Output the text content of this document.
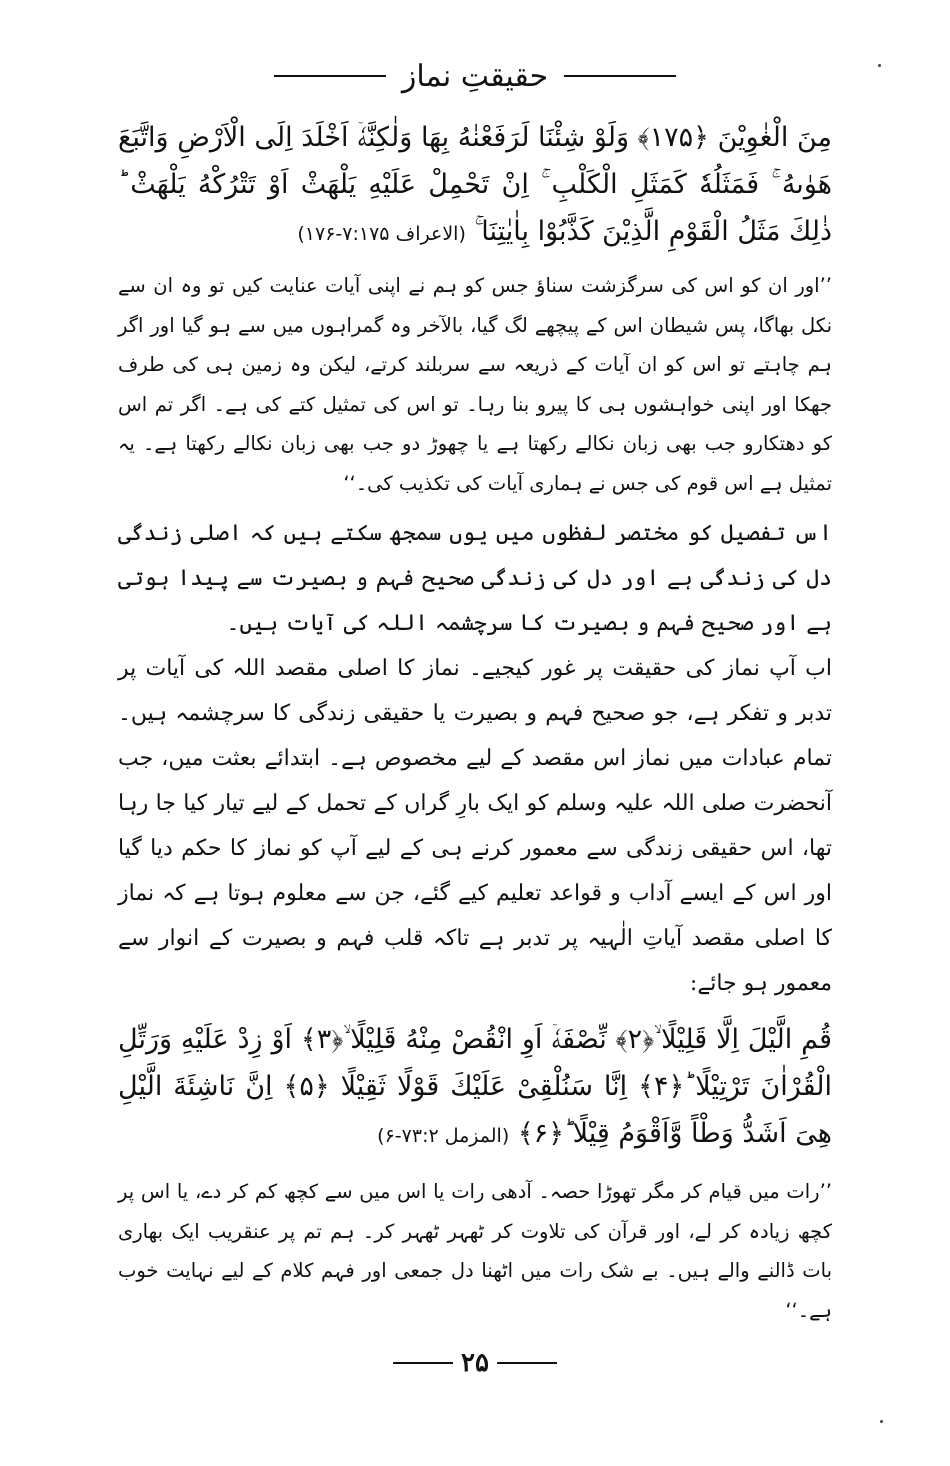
حقیقتِ نماز

مِنَ الْغٰوِیْنَ ﴿۱۷۵﴾ وَلَوْ شِئْنَا لَرَفَعْنٰهُ بِهَا وَلٰكِنَّهٗۤ اَخْلَدَ اِلَى الْاَرْضِ وَاتَّبَعَ هَوٰىهُ ۚ فَمَثَلُهٗ كَمَثَلِ الْكَلْبِ ۚ اِنْ تَحْمِلْ عَلَیْهِ یَلْهَثْ اَوْ تَتْرُكْهُ یَلْهَثْ ؕ ذٰلِكَ مَثَلُ الْقَوْمِ الَّذِیْنَ كَذَّبُوْا بِاٰیٰتِنَا ۚ (الاعراف ۷:۱۷۵-۱۷۶)

’’اور ان کو اس کی سرگزشت سناؤ جس کو ہم نے اپنی آیات عنایت کیں تو وہ ان سے نکل بھاگا، پس شیطان اس کے پیچھے لگ گیا، بالآخر وہ گمراہوں میں سے ہو گیا اور اگر ہم چاہتے تو اس کو ان آیات کے ذریعہ سے سربلند کرتے، لیکن وہ زمین ہی کی طرف جھکا اور اپنی خواہشوں ہی کا پیرو بنا رہا۔ تو اس کی تمثیل کتے کی ہے۔ اگر تم اس کو دھتکارو جب بھی زبان نکالے رکھتا ہے یا چھوڑ دو جب بھی زبان نکالے رکھتا ہے۔ یہ تمثیل ہے اس قوم کی جس نے ہماری آیات کی تکذیب کی۔‘‘

اس تفصیل کو مختصر لفظوں میں یوں سمجھ سکتے ہیں کہ اصلی زندگی دل کی زندگی ہے اور دل کی زندگی صحیح فہم و بصیرت سے پیدا ہوتی ہے اور صحیح فہم و بصیرت کا سرچشمہ اللہ کی آیات ہیں۔

اب آپ نماز کی حقیقت پر غور کیجیے۔ نماز کا اصلی مقصد اللہ کی آیات پر تدبر و تفکر ہے، جو صحیح فہم و بصیرت یا حقیقی زندگی کا سرچشمہ ہیں۔ تمام عبادات میں نماز اس مقصد کے لیے مخصوص ہے۔ ابتدائے بعثت میں، جب آنحضرت صلی اللہ علیہ وسلم کو ایک بارِ گراں کے تحمل کے لیے تیار کیا جا رہا تھا، اس حقیقی زندگی سے معمور کرنے ہی کے لیے آپ کو نماز کا حکم دیا گیا اور اس کے ایسے آداب و قواعد تعلیم کیے گئے، جن سے معلوم ہوتا ہے کہ نماز کا اصلی مقصد آیاتِ الٰہیہ پر تدبر ہے تاکہ قلب فہم و بصیرت کے انوار سے معمور ہو جائے:

قُمِ الَّیْلَ اِلَّا قَلِیْلًا ۙ﴿۲﴾ نِّصْفَهٗۤ اَوِ انْقُصْ مِنْهُ قَلِیْلًا ۙ﴿۳﴾ اَوْ زِدْ عَلَیْهِ وَرَتِّلِ الْقُرْاٰنَ تَرْتِیْلًا ؕ﴿۴﴾ اِنَّا سَنُلْقِیْ عَلَیْكَ قَوْلًا ثَقِیْلًا ﴿۵﴾ اِنَّ نَاشِئَةَ الَّیْلِ هِیَ اَشَدُّ وَطْاً وَّاَقْوَمُ قِیْلًا ؕ﴿۶﴾ (المزمل ۷۳:۲-۶)

’’رات میں قیام کر مگر تھوڑا حصہ۔ آدھی رات یا اس میں سے کچھ کم کر دے، یا اس پر کچھ زیادہ کر لے، اور قرآن کی تلاوت کر ٹھہر ٹھہر کر۔ ہم تم پر عنقریب ایک بھاری بات ڈالنے والے ہیں۔ بے شک رات میں اٹھنا دل جمعی اور فہم کلام کے لیے نہایت خوب ہے۔‘‘

۲۵
